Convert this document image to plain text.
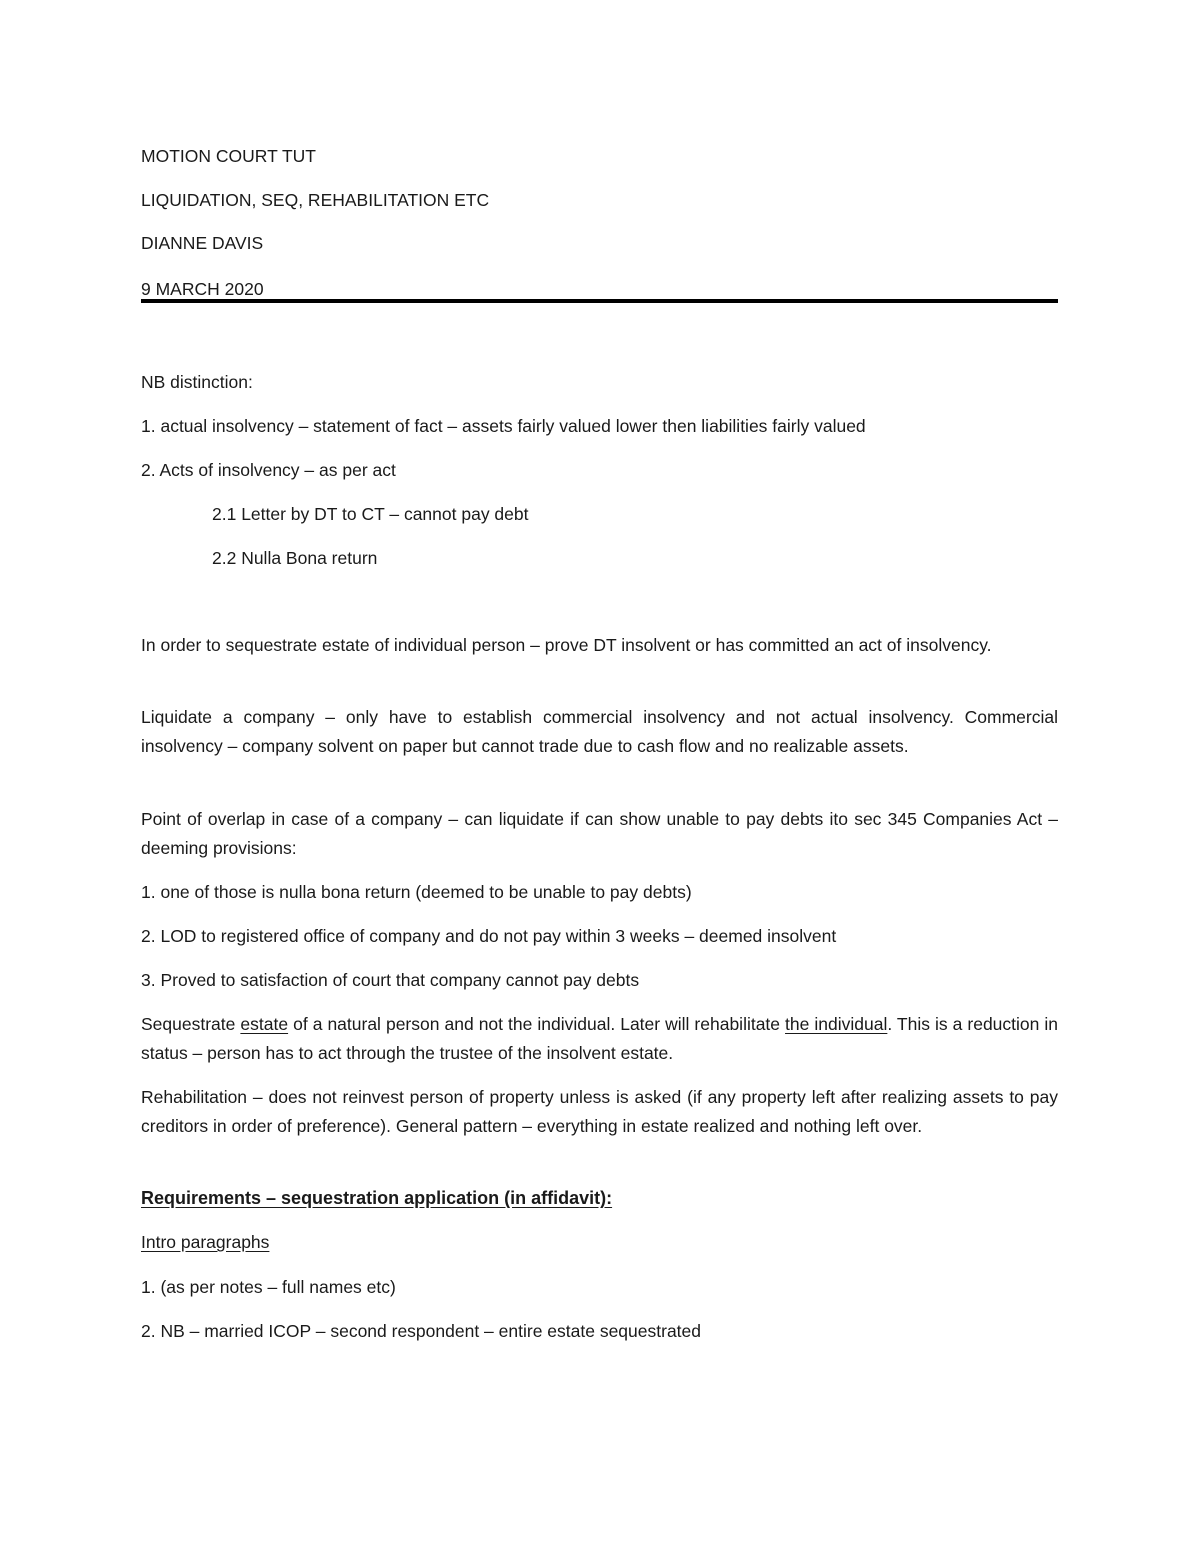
MOTION COURT TUT
LIQUIDATION, SEQ, REHABILITATION ETC
DIANNE DAVIS
9 MARCH 2020
NB distinction:
1. actual insolvency – statement of fact – assets fairly valued lower then liabilities fairly valued
2. Acts of insolvency – as per act
2.1 Letter by DT to CT – cannot pay debt
2.2 Nulla Bona return
In order to sequestrate estate of individual person – prove DT insolvent or has committed an act of insolvency.
Liquidate a company – only have to establish commercial insolvency and not actual insolvency. Commercial insolvency – company solvent on paper but cannot trade due to cash flow and no realizable assets.
Point of overlap in case of a company – can liquidate if can show unable to pay debts ito sec 345 Companies Act – deeming provisions:
1. one of those is nulla bona return (deemed to be unable to pay debts)
2. LOD to registered office of company and do not pay within 3 weeks – deemed insolvent
3. Proved to satisfaction of court that company cannot pay debts
Sequestrate estate of a natural person and not the individual. Later will rehabilitate the individual. This is a reduction in status – person has to act through the trustee of the insolvent estate.
Rehabilitation – does not reinvest person of property unless is asked (if any property left after realizing assets to pay creditors in order of preference). General pattern – everything in estate realized and nothing left over.
Requirements – sequestration application (in affidavit):
Intro paragraphs
1. (as per notes – full names etc)
2. NB – married ICOP – second respondent – entire estate sequestrated
